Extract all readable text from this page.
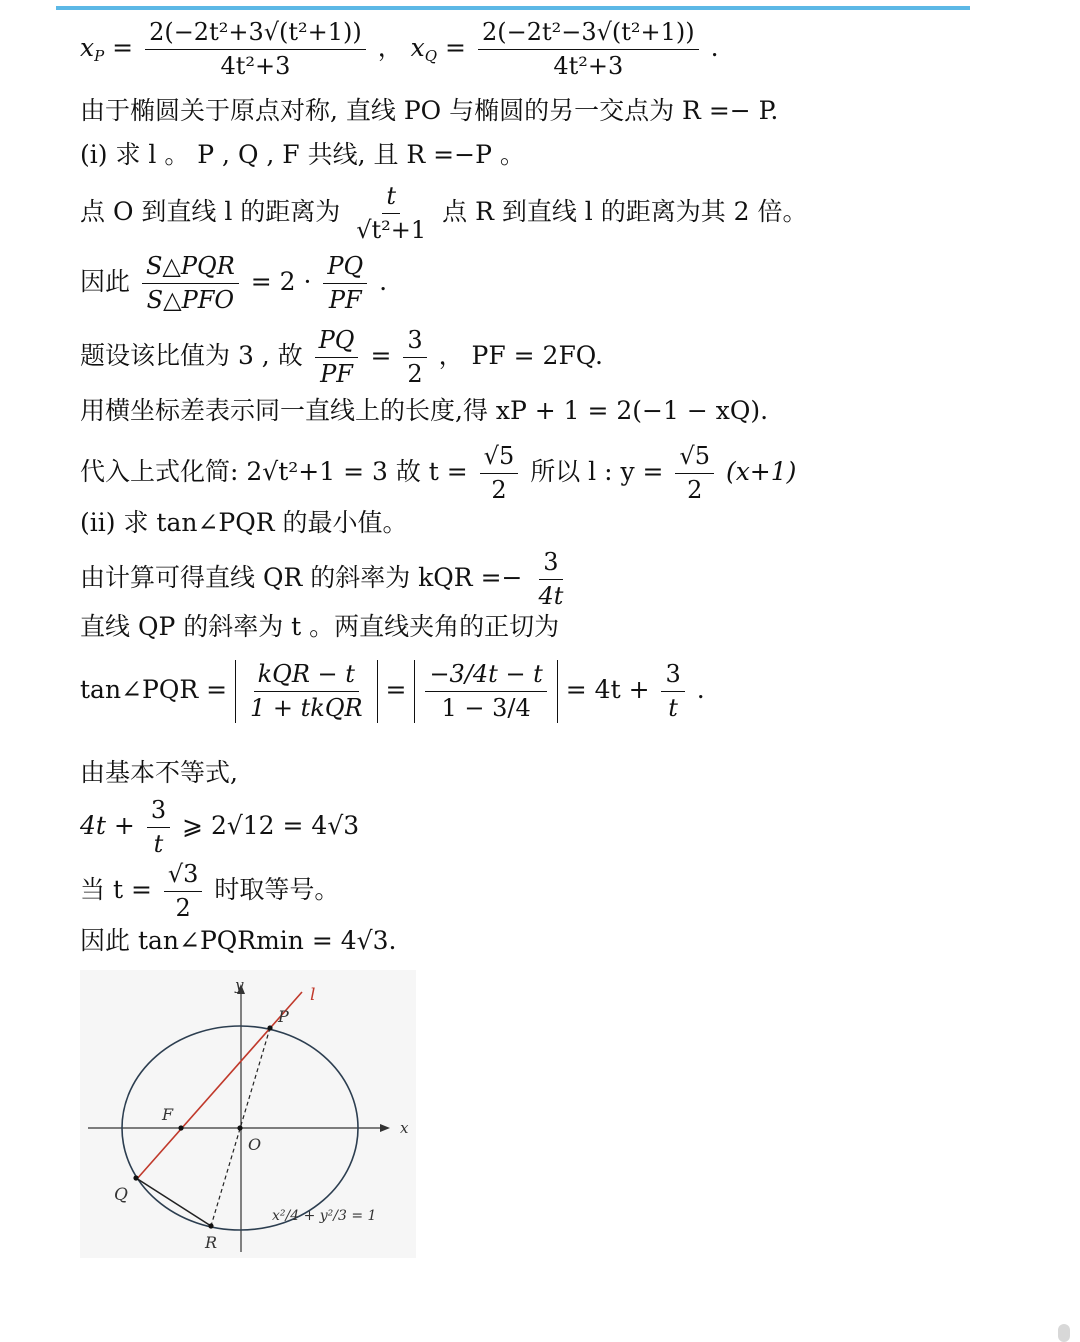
$x_P = \frac{\text{2(−2t²+3√(t²+1))}}{\text{4t²+3}}$ ， $x_Q = \frac{\text{2(−2t²−3√(t²+1))}}{\text{4t²+3}}$ .
由于椭圆关于原点对称, 直线 PO 与椭圆的另一交点为 R =− P.
(i) 求 l 。 P , Q , F 共线, 且 R =−P 。
点 O 到直线 l 的距离为 $\frac{t}{\text{√t²+1}}$ 点 R 到直线 l 的距离为其 2 倍。
因此 $\frac{\text{S△PQR}}{\text{S△PFO}} = 2 \cdot \frac{PQ}{PF}$ .
题设该比值为 3 , 故 $\frac{PQ}{PF} = \frac{3}{2}$ ， PF = 2FQ.
用横坐标差表示同一直线上的长度,得 xP + 1 = 2(−1 − xQ).
代入上式化简: 2√t²+1 = 3 故 $t = \frac{√5}{2}$ 所以 l : $y = \frac{√5}{2} (x+1)$
(ii) 求 tan∠PQR 的最小值。
由计算可得直线 QR 的斜率为 kQR =− $\frac{3}{4t}$
直线 QP 的斜率为 t 。两直线夹角的正切为
tan∠PQR = $\frac{\text{kQR − t}}{\text{1 + tkQR}} = \frac{-3/4t - t}{1 - 3/4} = 4t + \frac{3}{t}$ .
由基本不等式,
$4t + \frac{3}{t}$ ⩾ 2√12 = 4√3
当 $t = \frac{√3}{2}$ 时取等号。
因此 tan∠PQRmin = 4√3.
y
x
l
P
F
O
Q
R
x²/4 + y²/3 = 1
